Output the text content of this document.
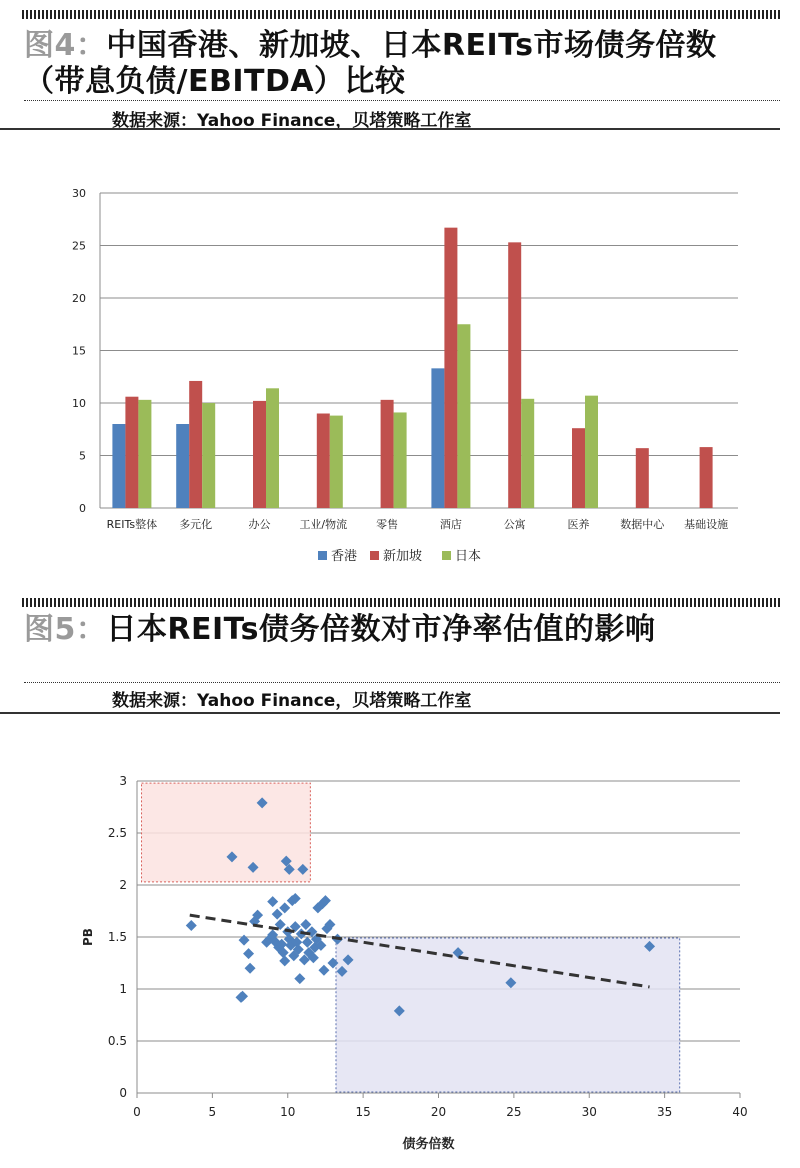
图4：中国香港、新加坡、日本REITs市场债务倍数
（带息负债/EBITDA）比较
数据来源：Yahoo Finance，贝塔策略工作室
0
5
10
15
20
25
30
REITs整体 多元化	办公	工业/物流	零售	酒店	公寓	医养	数据中心 基础设施
香港 新加坡	日本
图5：日本REITs债务倍数对市净率估值的影响
数据来源：Yahoo Finance，贝塔策略工作室
0
0.5
1
1.5
2
2.5
3
0	5	10	15	20	25	30	35	40
债务倍数
PB
